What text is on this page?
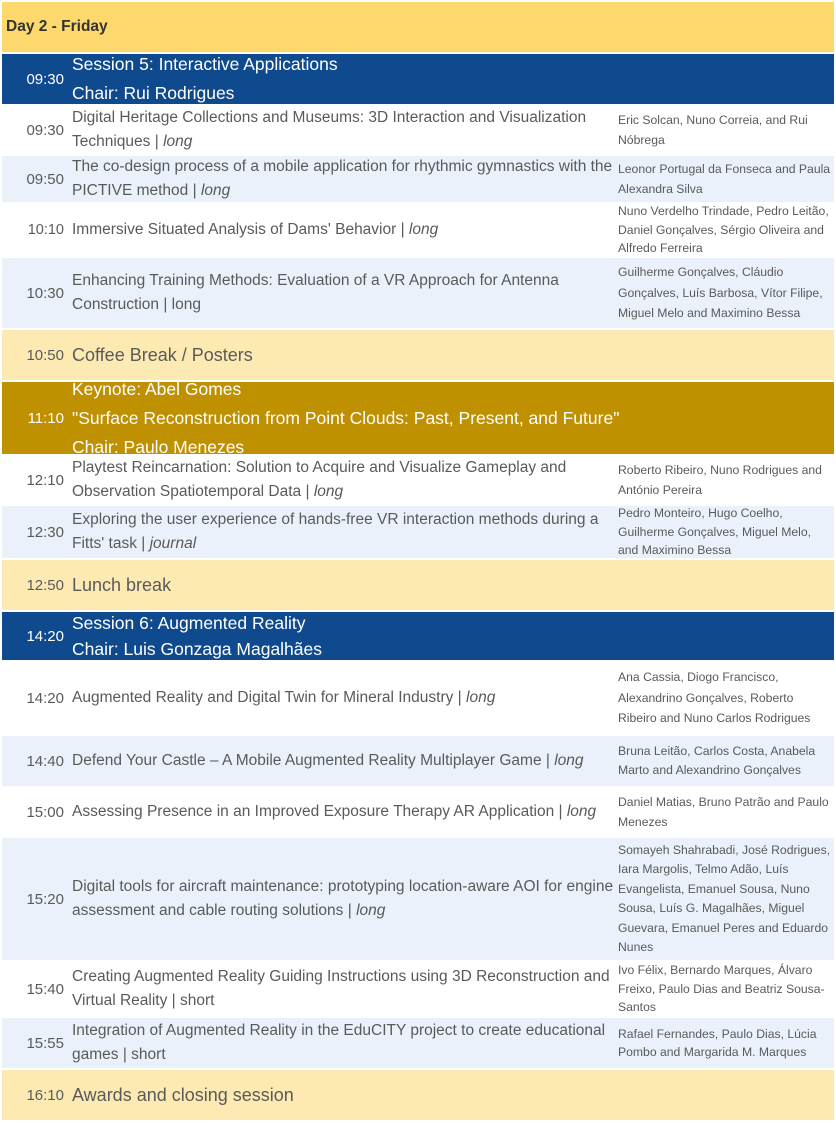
Day 2 - Friday
09:30
Session 5: Interactive Applications
Chair: Rui Rodrigues
09:30
Digital Heritage Collections and Museums: 3D Interaction and Visualization Techniques | long
Eric Solcan, Nuno Correia, and Rui Nóbrega
09:50
The co-design process of a mobile application for rhythmic gymnastics with the PICTIVE method | long
Leonor Portugal da Fonseca and Paula Alexandra Silva
10:10 Immersive Situated Analysis of Dams' Behavior | long
Nuno Verdelho Trindade, Pedro Leitão, Daniel Gonçalves, Sérgio Oliveira and Alfredo Ferreira
10:30
Enhancing Training Methods: Evaluation of a VR Approach for Antenna Construction | long
Guilherme Gonçalves, Cláudio Gonçalves, Luís Barbosa, Vítor Filipe, Miguel Melo and Maximino Bessa
10:50 Coffee Break / Posters
11:10
Keynote: Abel Gomes
"Surface Reconstruction from Point Clouds: Past, Present, and Future"
Chair: Paulo Menezes
12:10
Playtest Reincarnation: Solution to Acquire and Visualize Gameplay and Observation Spatiotemporal Data | long
Roberto Ribeiro, Nuno Rodrigues and António Pereira
12:30
Exploring the user experience of hands-free VR interaction methods during a Fitts' task | journal
Pedro Monteiro, Hugo Coelho, Guilherme Gonçalves, Miguel Melo, and Maximino Bessa
12:50 Lunch break
14:20
Session 6: Augmented Reality
Chair: Luis Gonzaga Magalhães
14:20 Augmented Reality and Digital Twin for Mineral Industry | long
Ana Cassia, Diogo Francisco, Alexandrino Gonçalves, Roberto Ribeiro and Nuno Carlos Rodrigues
14:40 Defend Your Castle – A Mobile Augmented Reality Multiplayer Game | long
Bruna Leitão, Carlos Costa, Anabela Marto and Alexandrino Gonçalves
15:00 Assessing Presence in an Improved Exposure Therapy AR Application | long
Daniel Matias, Bruno Patrão and Paulo Menezes
15:20
Digital tools for aircraft maintenance: prototyping location-aware AOI for engine assessment and cable routing solutions | long
Somayeh Shahrabadi, José Rodrigues, Iara Margolis, Telmo Adão, Luís Evangelista, Emanuel Sousa, Nuno Sousa, Luís G. Magalhães, Miguel Guevara, Emanuel Peres and Eduardo Nunes
15:40
Creating Augmented Reality Guiding Instructions using 3D Reconstruction and Virtual Reality | short
Ivo Félix, Bernardo Marques, Álvaro Freixo, Paulo Dias and Beatriz Sousa-Santos
15:55
Integration of Augmented Reality in the EduCITY project to create educational games | short
Rafael Fernandes, Paulo Dias, Lúcia Pombo and Margarida M. Marques
16:10 Awards and closing session
